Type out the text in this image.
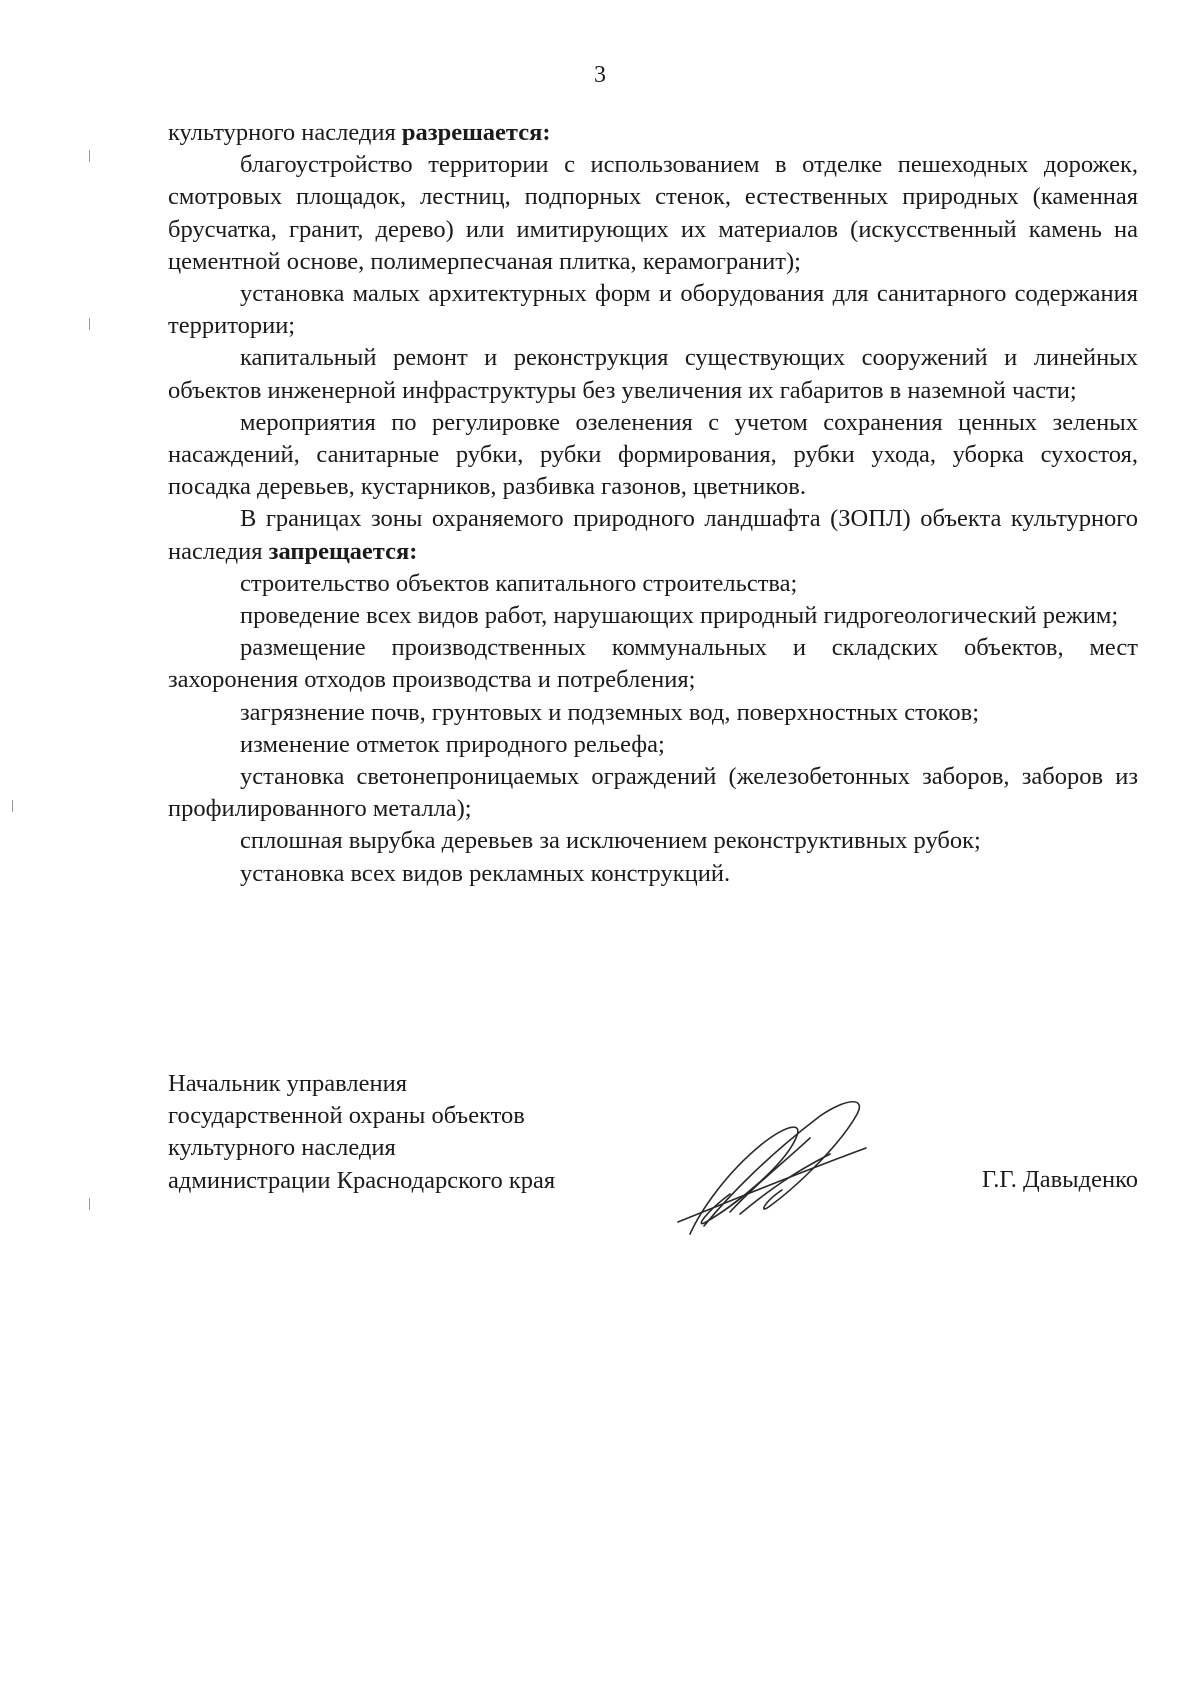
3

культурного наследия разрешается:

благоустройство территории с использованием в отделке пешеходных дорожек, смотровых площадок, лестниц, подпорных стенок, естественных природных (каменная брусчатка, гранит, дерево) или имитирующих их материалов (искусственный камень на цементной основе, полимерпесчаная плитка, керамогранит);

установка малых архитектурных форм и оборудования для санитарного содержания территории;

капитальный ремонт и реконструкция существующих сооружений и линейных объектов инженерной инфраструктуры без увеличения их габаритов в наземной части;

мероприятия по регулировке озеленения с учетом сохранения ценных зеленых насаждений, санитарные рубки, рубки формирования, рубки ухода, уборка сухостоя, посадка деревьев, кустарников, разбивка газонов, цветников.

В границах зоны охраняемого природного ландшафта (ЗОПЛ) объекта культурного наследия запрещается:

строительство объектов капитального строительства;

проведение всех видов работ, нарушающих природный гидрогеологический режим;

размещение производственных коммунальных и складских объектов, мест захоронения отходов производства и потребления;

загрязнение почв, грунтовых и подземных вод, поверхностных стоков;

изменение отметок природного рельефа;

установка светонепроницаемых ограждений (железобетонных заборов, заборов из профилированного металла);

сплошная вырубка деревьев за исключением реконструктивных рубок;

установка всех видов рекламных конструкций.

Начальник управления
государственной охраны объектов
культурного наследия
администрации Краснодарского края	Г.Г. Давыденко
